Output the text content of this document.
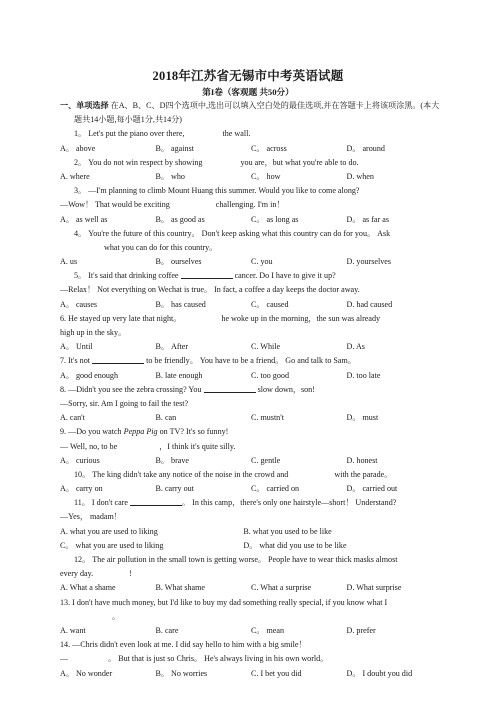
2018年江苏省无锡市中考英语试题
第I卷（客观题 共50分）
一、单项选择 在A、B、C、D四个选项中,选出可以填入空白处的最佳选项,并在答题卡上将该项涂黑。(本大题共14小题,每小题1分,共14分)
1。 Let's put the piano over there,	the wall.
A。 above	B。 against	C。 across	D。 around
2。 You do not win respect by showing	you are，but what you're able to do.
A. where	B。 who	C。 how	D. when
3。 —I'm planning to climb Mount Huang this summer. Would you like to come along?
—Wow！ That would be exciting	challenging. I'm in！
A。 as well as	B。 as good as	C。 as long as	D。 as far as
4。 You're the future of this country。 Don't keep asking what this country can do for you。 Ask
what you can do for this country。
A. us	B。 ourselves	C. you	D. yourselves
5。 It's said that drinking coffee	cancer. Do I have to give it up?
—Relax！ Not everything on Wechat is true。 In fact, a coffee a day keeps the doctor away.
A。 causes	B。 has caused	C。 caused	D. had caused
6. He stayed up very late that night。	he woke up in the morning，the sun was already
high up in the sky。
A。 Until	B。 After	C. While	D. As
7. It's not	to be friendly。 You have to be a friend。 Go and talk to Sam。
A。 good enough	B. late enough	C. too good	D. too late
8. —Didn't you see the zebra crossing? You	slow down，son!
—Sorry, sir. Am I going to fail the test?
A. can't	B. can	C. mustn't	D。 must
9. —Do you watch Peppa Pig on TV? It's so funny!
— Well, no, to be	，I think it's quite silly.
A。 curious	B。 brave	C. gentle	D. honest
10。 The king didn't take any notice of the noise in the crowd and	with the parade。
A。 carry on	B. carry out	C。 carried on	D。 carried out
11。 I don't care	。 In this camp，there's only one hairstyle—short！ Understand?
—Yes， madam！
A. what you are used to liking	B. what you used to be like
C。 what you are used to liking	D。 what did you use to be like
12。 The air pollution in the small town is getting worse。 People have to wear thick masks almost
every day.	!
A. What a shame	B. What shame	C. What a surprise	D. What surprise
13. I don't have much money, but I'd like to buy my dad something really special, if you know what I
。
A. want	B. care	C。 mean	D. prefer
14. —Chris didn't even look at me. I did say hello to him with a big smile！
—	。 But that is just so Chris。 He's always living in his own world。
A。 No wonder	B。 No worries	C. I bet you did	D。 I doubt you did
